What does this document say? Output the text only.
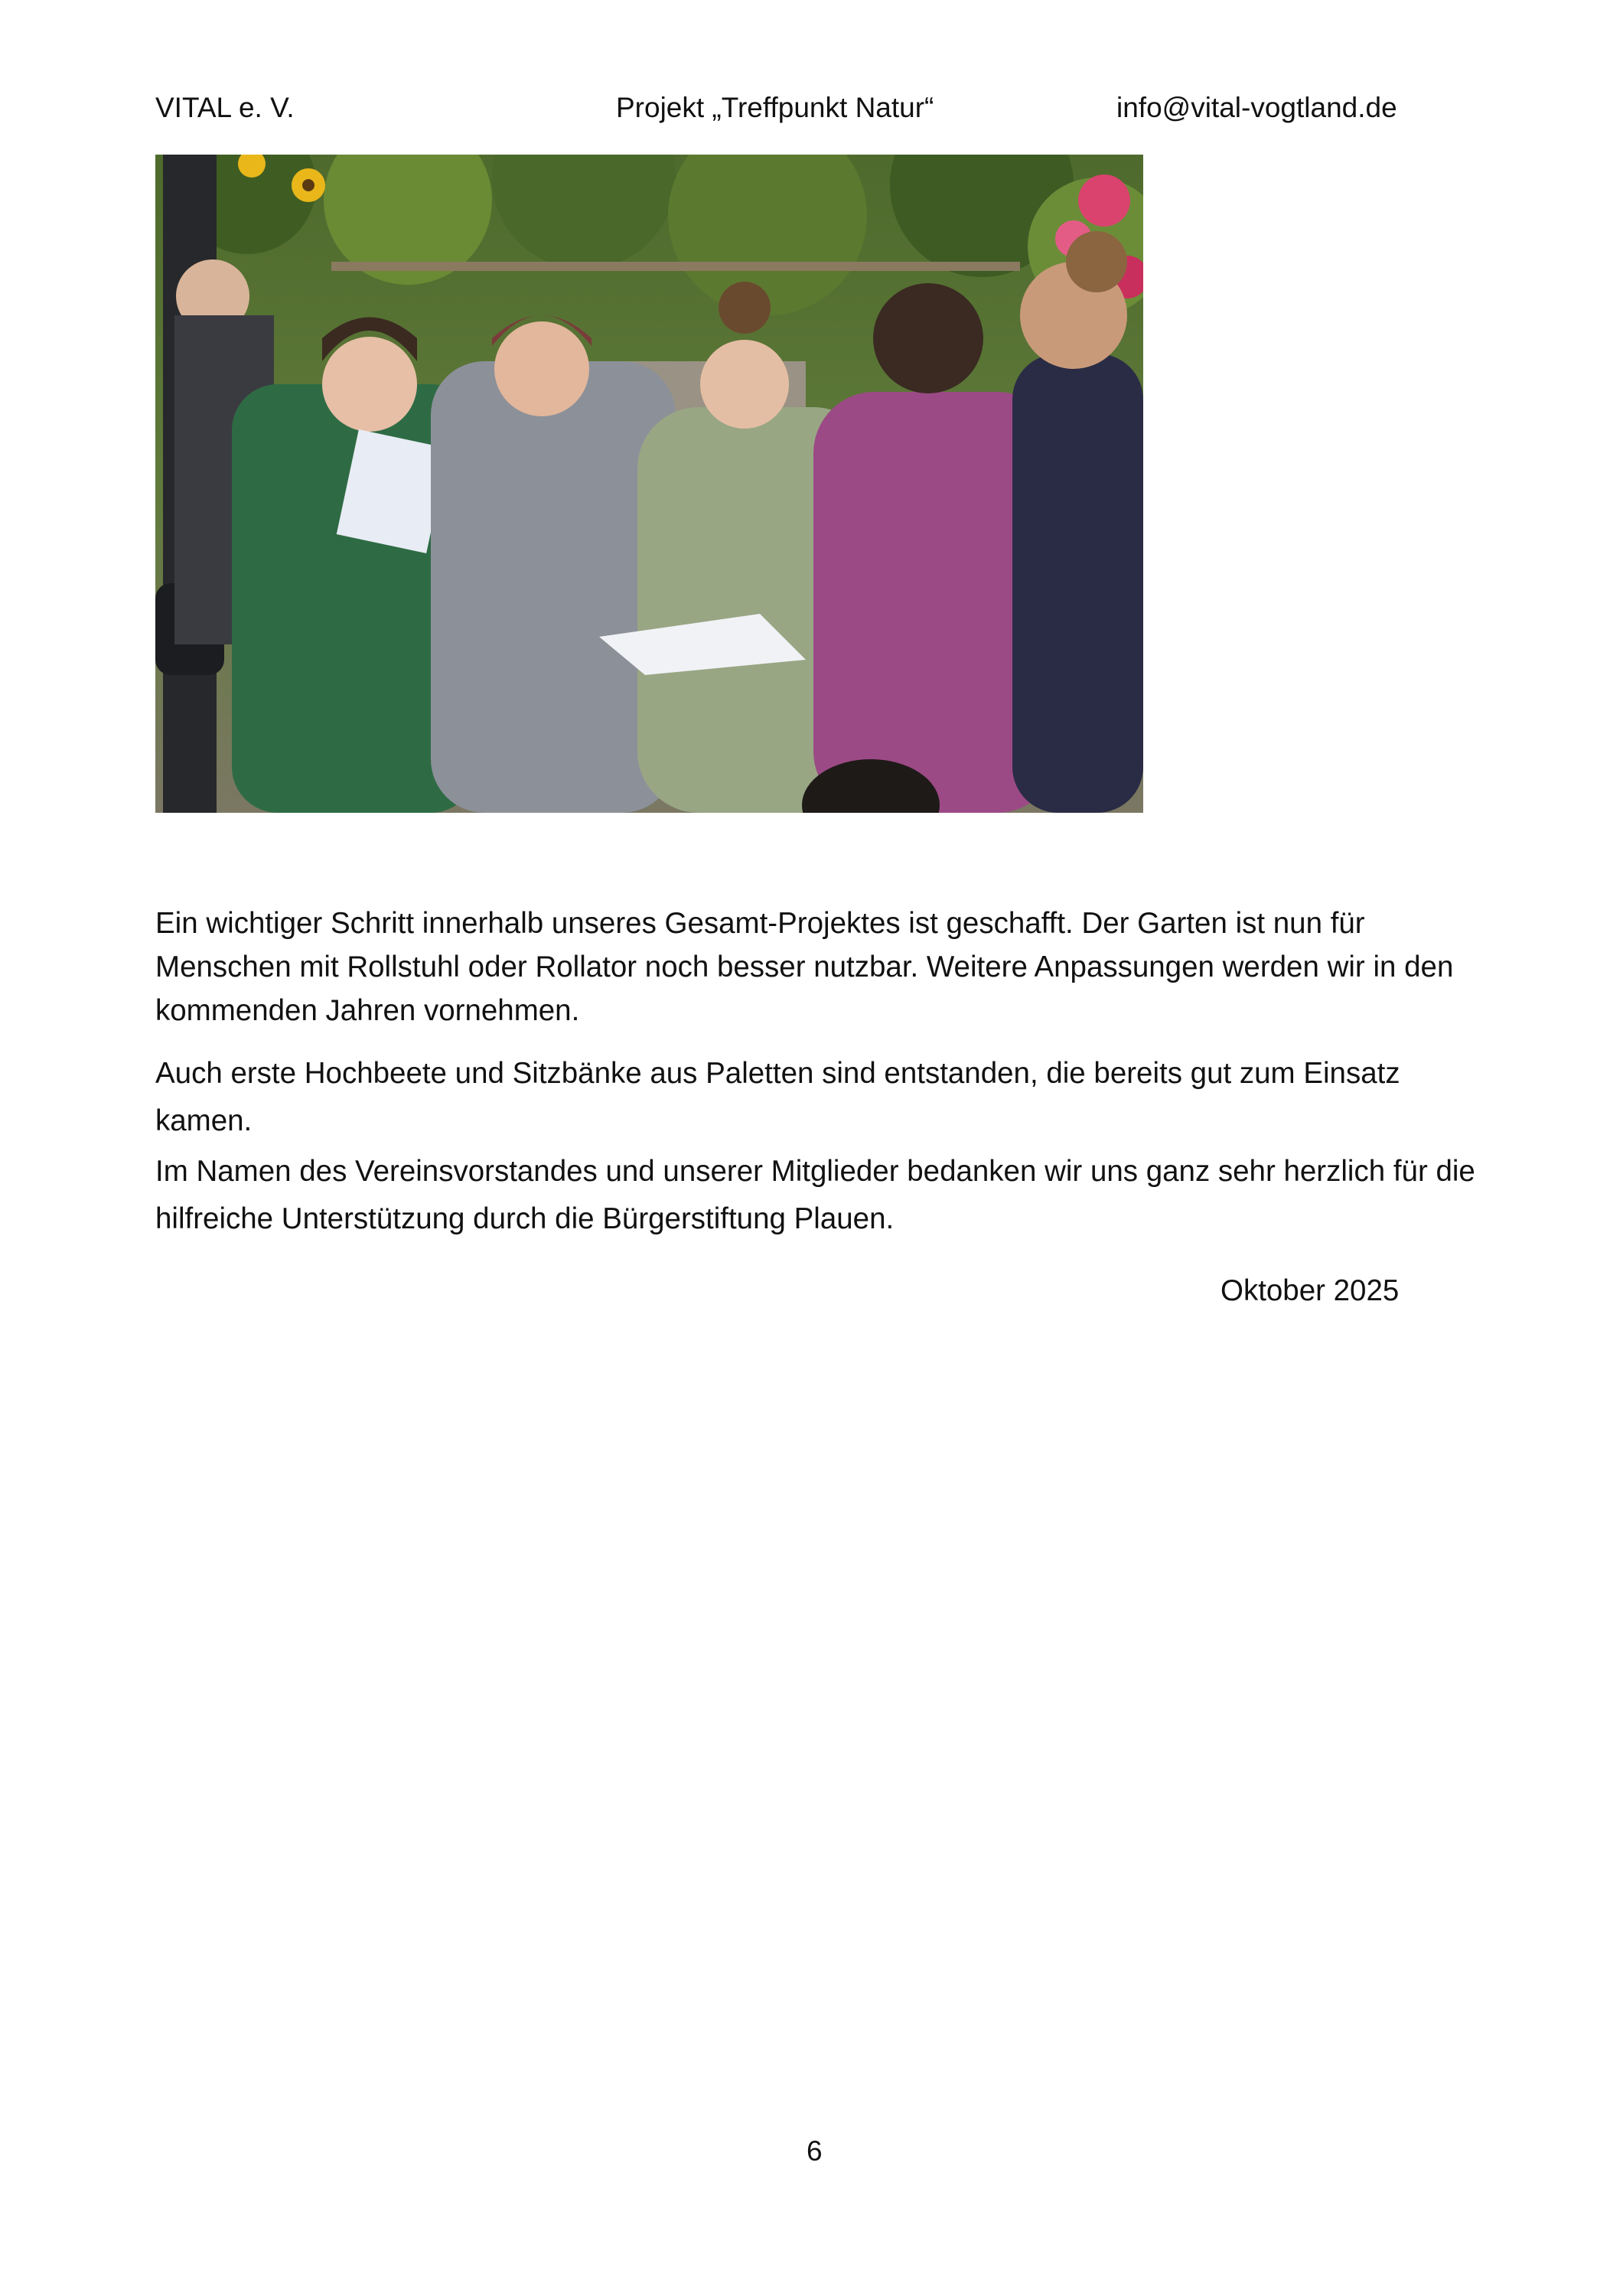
VITAL e. V.	Projekt „Treffpunkt Natur“	info@vital-vogtland.de
Ein wichtiger Schritt innerhalb unseres Gesamt-Projektes ist geschafft. Der Garten ist nun für Menschen mit Rollstuhl oder Rollator noch besser nutzbar. Weitere Anpassungen werden wir in den kommenden Jahren vornehmen.
Auch erste Hochbeete und Sitzbänke aus Paletten sind entstanden, die bereits gut zum Einsatz kamen.
Im Namen des Vereinsvorstandes und unserer Mitglieder bedanken wir uns ganz sehr herzlich für die hilfreiche Unterstützung durch die Bürgerstiftung Plauen.
Oktober 2025
6
